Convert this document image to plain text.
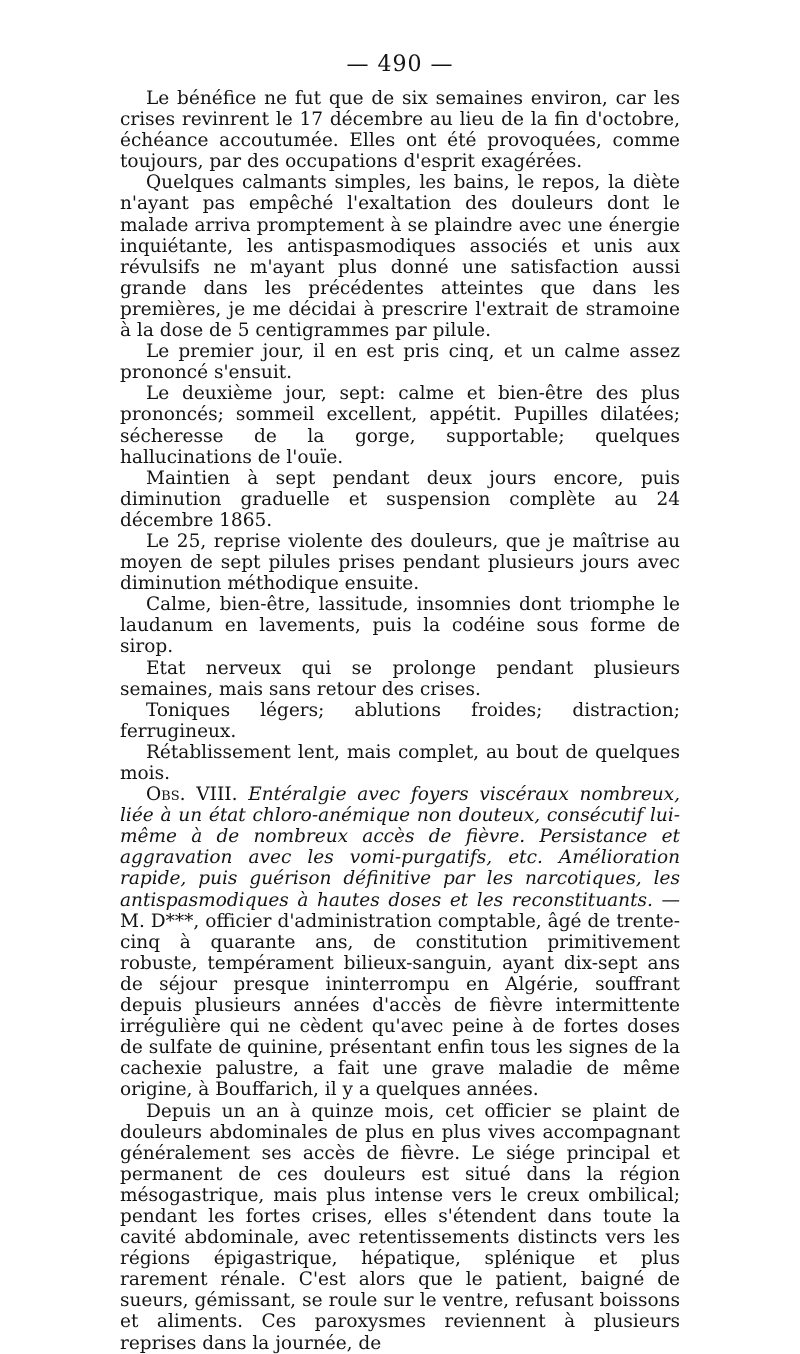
— 490 —

Le bénéfice ne fut que de six semaines environ, car les crises revinrent le 17 décembre au lieu de la fin d'octobre, échéance accoutumée. Elles ont été provoquées, comme toujours, par des occupations d'esprit exagérées.

Quelques calmants simples, les bains, le repos, la diète n'ayant pas empêché l'exaltation des douleurs dont le malade arriva promptement à se plaindre avec une énergie inquiétante, les antispasmodiques associés et unis aux révulsifs ne m'ayant plus donné une satisfaction aussi grande dans les précédentes atteintes que dans les premières, je me décidai à prescrire l'extrait de stramoine à la dose de 5 centigrammes par pilule.

Le premier jour, il en est pris cinq, et un calme assez prononcé s'ensuit.

Le deuxième jour, sept: calme et bien-être des plus prononcés; sommeil excellent, appétit. Pupilles dilatées; sécheresse de la gorge, supportable; quelques hallucinations de l'ouïe.

Maintien à sept pendant deux jours encore, puis diminution graduelle et suspension complète au 24 décembre 1865.

Le 25, reprise violente des douleurs, que je maîtrise au moyen de sept pilules prises pendant plusieurs jours avec diminution méthodique ensuite.

Calme, bien-être, lassitude, insomnies dont triomphe le laudanum en lavements, puis la codéine sous forme de sirop.

Etat nerveux qui se prolonge pendant plusieurs semaines, mais sans retour des crises.

Toniques légers; ablutions froides; distraction; ferrugineux.

Rétablissement lent, mais complet, au bout de quelques mois.

Obs. VIII. Entéralgie avec foyers viscéraux nombreux, liée à un état chloro-anémique non douteux, consécutif lui-même à de nombreux accès de fièvre. Persistance et aggravation avec les vomi-purgatifs, etc. Amélioration rapide, puis guérison définitive par les narcotiques, les antispasmodiques à hautes doses et les reconstituants. — M. D***, officier d'administration comptable, âgé de trente-cinq à quarante ans, de constitution primitivement robuste, tempérament bilieux-sanguin, ayant dix-sept ans de séjour presque ininterrompu en Algérie, souffrant depuis plusieurs années d'accès de fièvre intermittente irrégulière qui ne cèdent qu'avec peine à de fortes doses de sulfate de quinine, présentant enfin tous les signes de la cachexie palustre, a fait une grave maladie de même origine, à Bouffarich, il y a quelques années.

Depuis un an à quinze mois, cet officier se plaint de douleurs abdominales de plus en plus vives accompagnant généralement ses accès de fièvre. Le siége principal et permanent de ces douleurs est situé dans la région mésogastrique, mais plus intense vers le creux ombilical; pendant les fortes crises, elles s'étendent dans toute la cavité abdominale, avec retentissements distincts vers les régions épigastrique, hépatique, splénique et plus rarement rénale. C'est alors que le patient, baigné de sueurs, gémissant, se roule sur le ventre, refusant boissons et aliments. Ces paroxysmes reviennent à plusieurs reprises dans la journée, de
